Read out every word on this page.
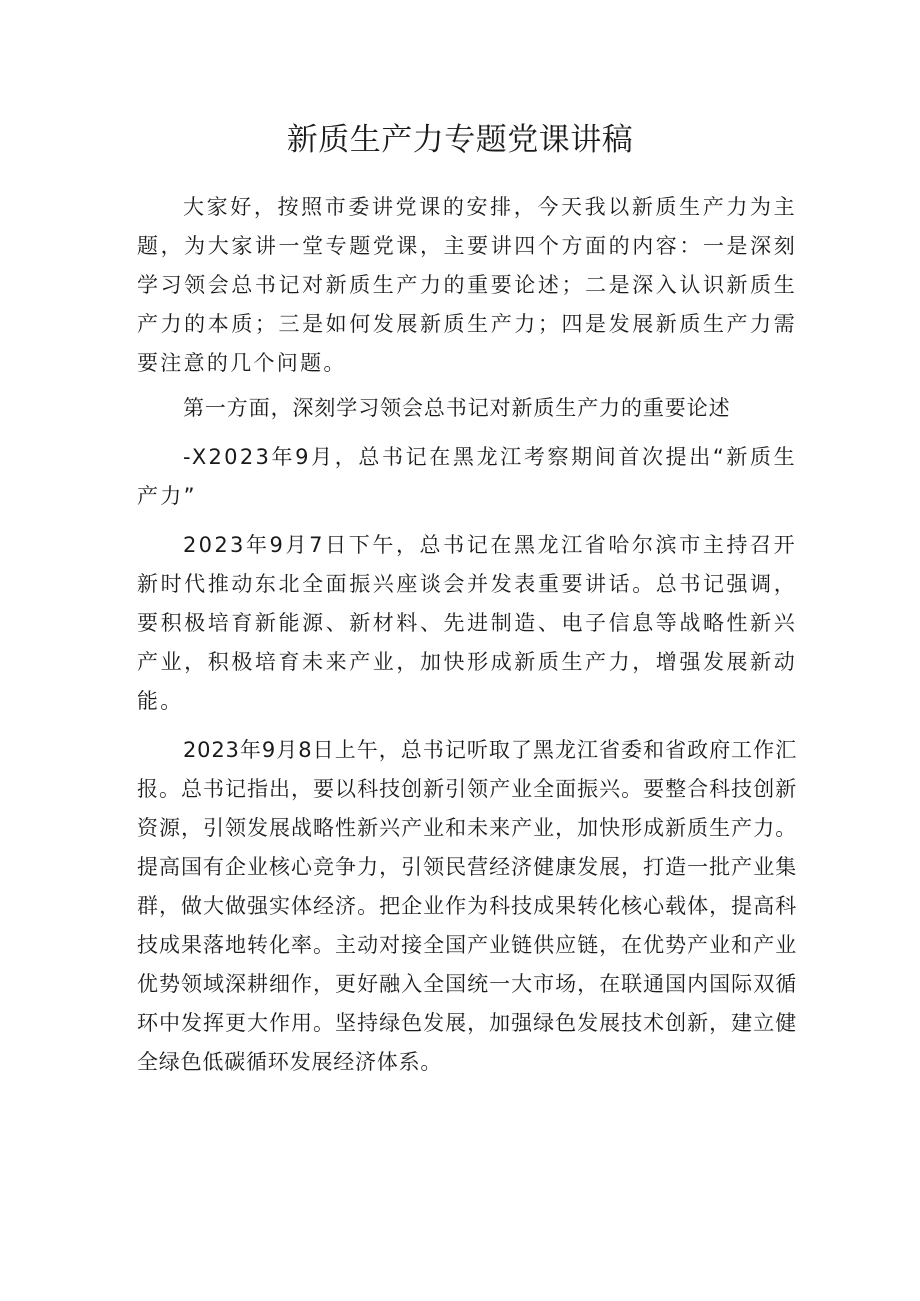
新质生产力专题党课讲稿

大家好，按照市委讲党课的安排，今天我以新质生产力为主题，为大家讲一堂专题党课，主要讲四个方面的内容：一是深刻学习领会总书记对新质生产力的重要论述；二是深入认识新质生产力的本质；三是如何发展新质生产力；四是发展新质生产力需要注意的几个问题。

第一方面，深刻学习领会总书记对新质生产力的重要论述

-X2023年9月，总书记在黑龙江考察期间首次提出“新质生产力”

2023年9月7日下午，总书记在黑龙江省哈尔滨市主持召开新时代推动东北全面振兴座谈会并发表重要讲话。总书记强调，要积极培育新能源、新材料、先进制造、电子信息等战略性新兴产业，积极培育未来产业，加快形成新质生产力，增强发展新动能。

2023年9月8日上午，总书记听取了黑龙江省委和省政府工作汇报。总书记指出，要以科技创新引领产业全面振兴。要整合科技创新资源，引领发展战略性新兴产业和未来产业，加快形成新质生产力。提高国有企业核心竞争力，引领民营经济健康发展，打造一批产业集群，做大做强实体经济。把企业作为科技成果转化核心载体，提高科技成果落地转化率。主动对接全国产业链供应链，在优势产业和产业优势领域深耕细作，更好融入全国统一大市场，在联通国内国际双循环中发挥更大作用。坚持绿色发展，加强绿色发展技术创新，建立健全绿色低碳循环发展经济体系。
